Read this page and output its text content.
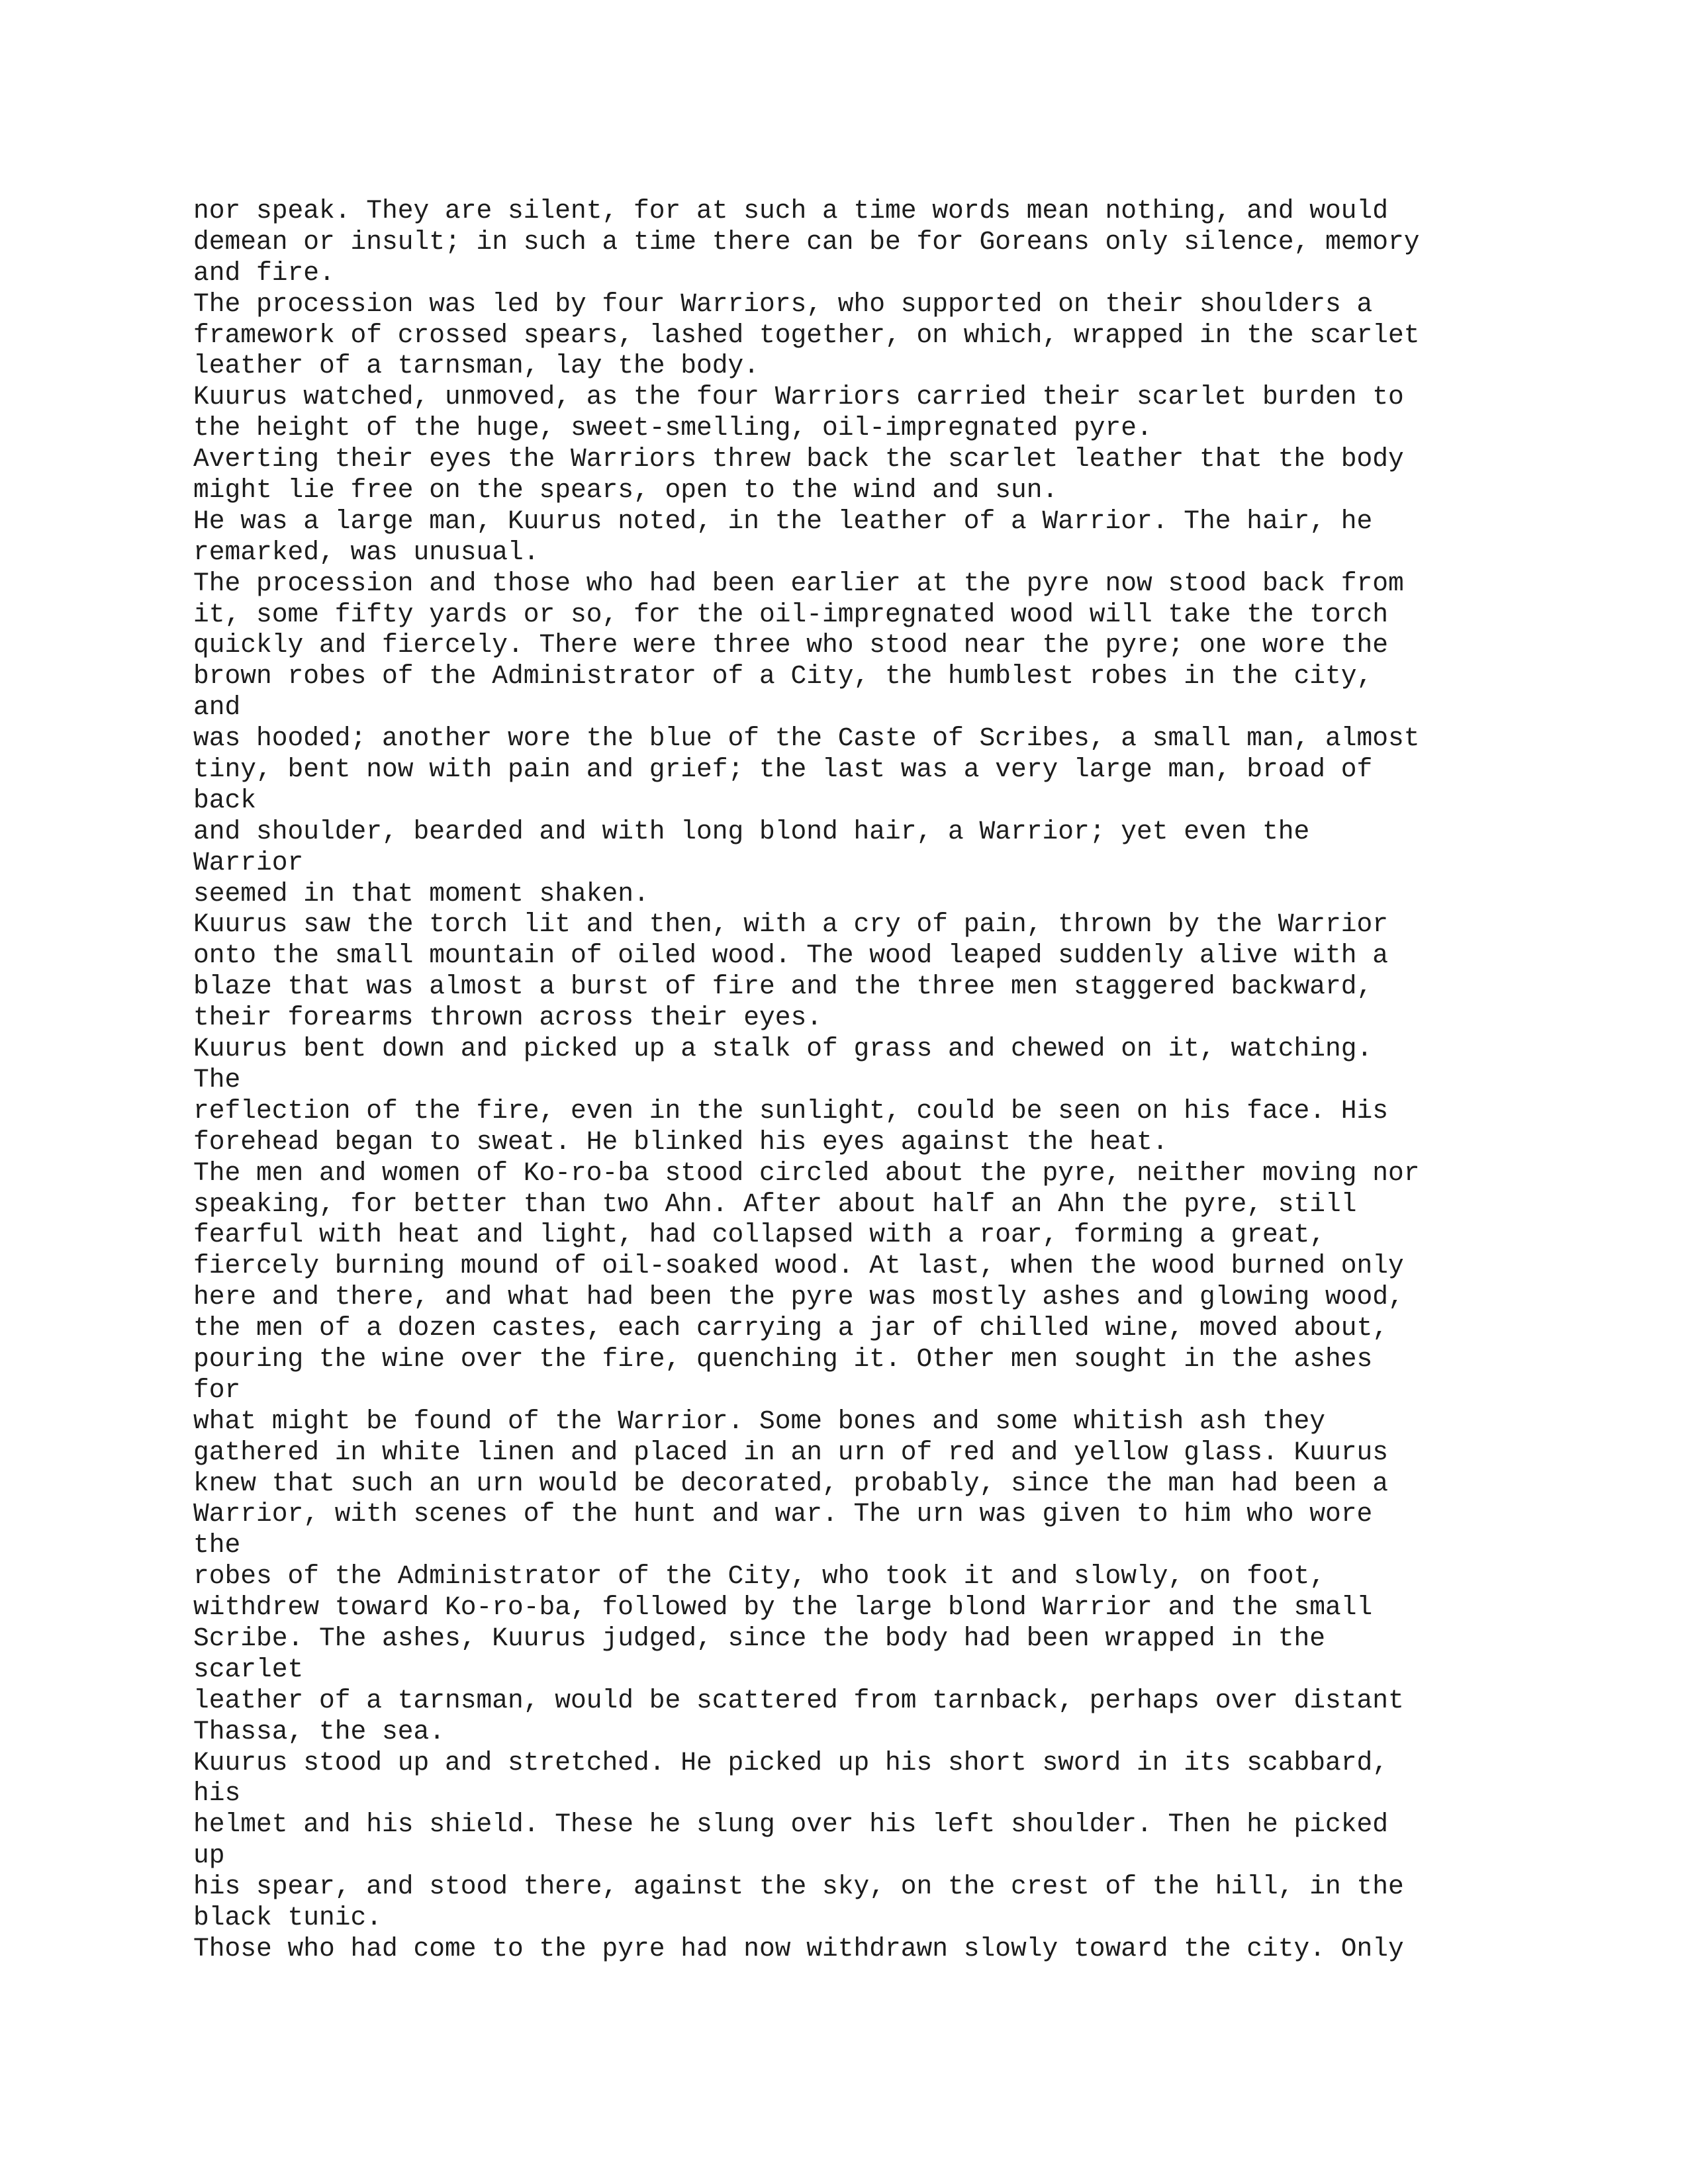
nor speak. They are silent, for at such a time words mean nothing, and would
demean or insult; in such a time there can be for Goreans only silence, memory
and fire.
The procession was led by four Warriors, who supported on their shoulders a
framework of crossed spears, lashed together, on which, wrapped in the scarlet
leather of a tarnsman, lay the body.
Kuurus watched, unmoved, as the four Warriors carried their scarlet burden to
the height of the huge, sweet-smelling, oil-impregnated pyre.
Averting their eyes the Warriors threw back the scarlet leather that the body
might lie free on the spears, open to the wind and sun.
He was a large man, Kuurus noted, in the leather of a Warrior. The hair, he
remarked, was unusual.
The procession and those who had been earlier at the pyre now stood back from
it, some fifty yards or so, for the oil-impregnated wood will take the torch
quickly and fiercely. There were three who stood near the pyre; one wore the
brown robes of the Administrator of a City, the humblest robes in the city,
and
was hooded; another wore the blue of the Caste of Scribes, a small man, almost
tiny, bent now with pain and grief; the last was a very large man, broad of
back
and shoulder, bearded and with long blond hair, a Warrior; yet even the
Warrior
seemed in that moment shaken.
Kuurus saw the torch lit and then, with a cry of pain, thrown by the Warrior
onto the small mountain of oiled wood. The wood leaped suddenly alive with a
blaze that was almost a burst of fire and the three men staggered backward,
their forearms thrown across their eyes.
Kuurus bent down and picked up a stalk of grass and chewed on it, watching.
The
reflection of the fire, even in the sunlight, could be seen on his face. His
forehead began to sweat. He blinked his eyes against the heat.
The men and women of Ko-ro-ba stood circled about the pyre, neither moving nor
speaking, for better than two Ahn. After about half an Ahn the pyre, still
fearful with heat and light, had collapsed with a roar, forming a great,
fiercely burning mound of oil-soaked wood. At last, when the wood burned only
here and there, and what had been the pyre was mostly ashes and glowing wood,
the men of a dozen castes, each carrying a jar of chilled wine, moved about,
pouring the wine over the fire, quenching it. Other men sought in the ashes
for
what might be found of the Warrior. Some bones and some whitish ash they
gathered in white linen and placed in an urn of red and yellow glass. Kuurus
knew that such an urn would be decorated, probably, since the man had been a
Warrior, with scenes of the hunt and war. The urn was given to him who wore
the
robes of the Administrator of the City, who took it and slowly, on foot,
withdrew toward Ko-ro-ba, followed by the large blond Warrior and the small
Scribe. The ashes, Kuurus judged, since the body had been wrapped in the
scarlet
leather of a tarnsman, would be scattered from tarnback, perhaps over distant
Thassa, the sea.
Kuurus stood up and stretched. He picked up his short sword in its scabbard,
his
helmet and his shield. These he slung over his left shoulder. Then he picked
up
his spear, and stood there, against the sky, on the crest of the hill, in the
black tunic.
Those who had come to the pyre had now withdrawn slowly toward the city. Only
